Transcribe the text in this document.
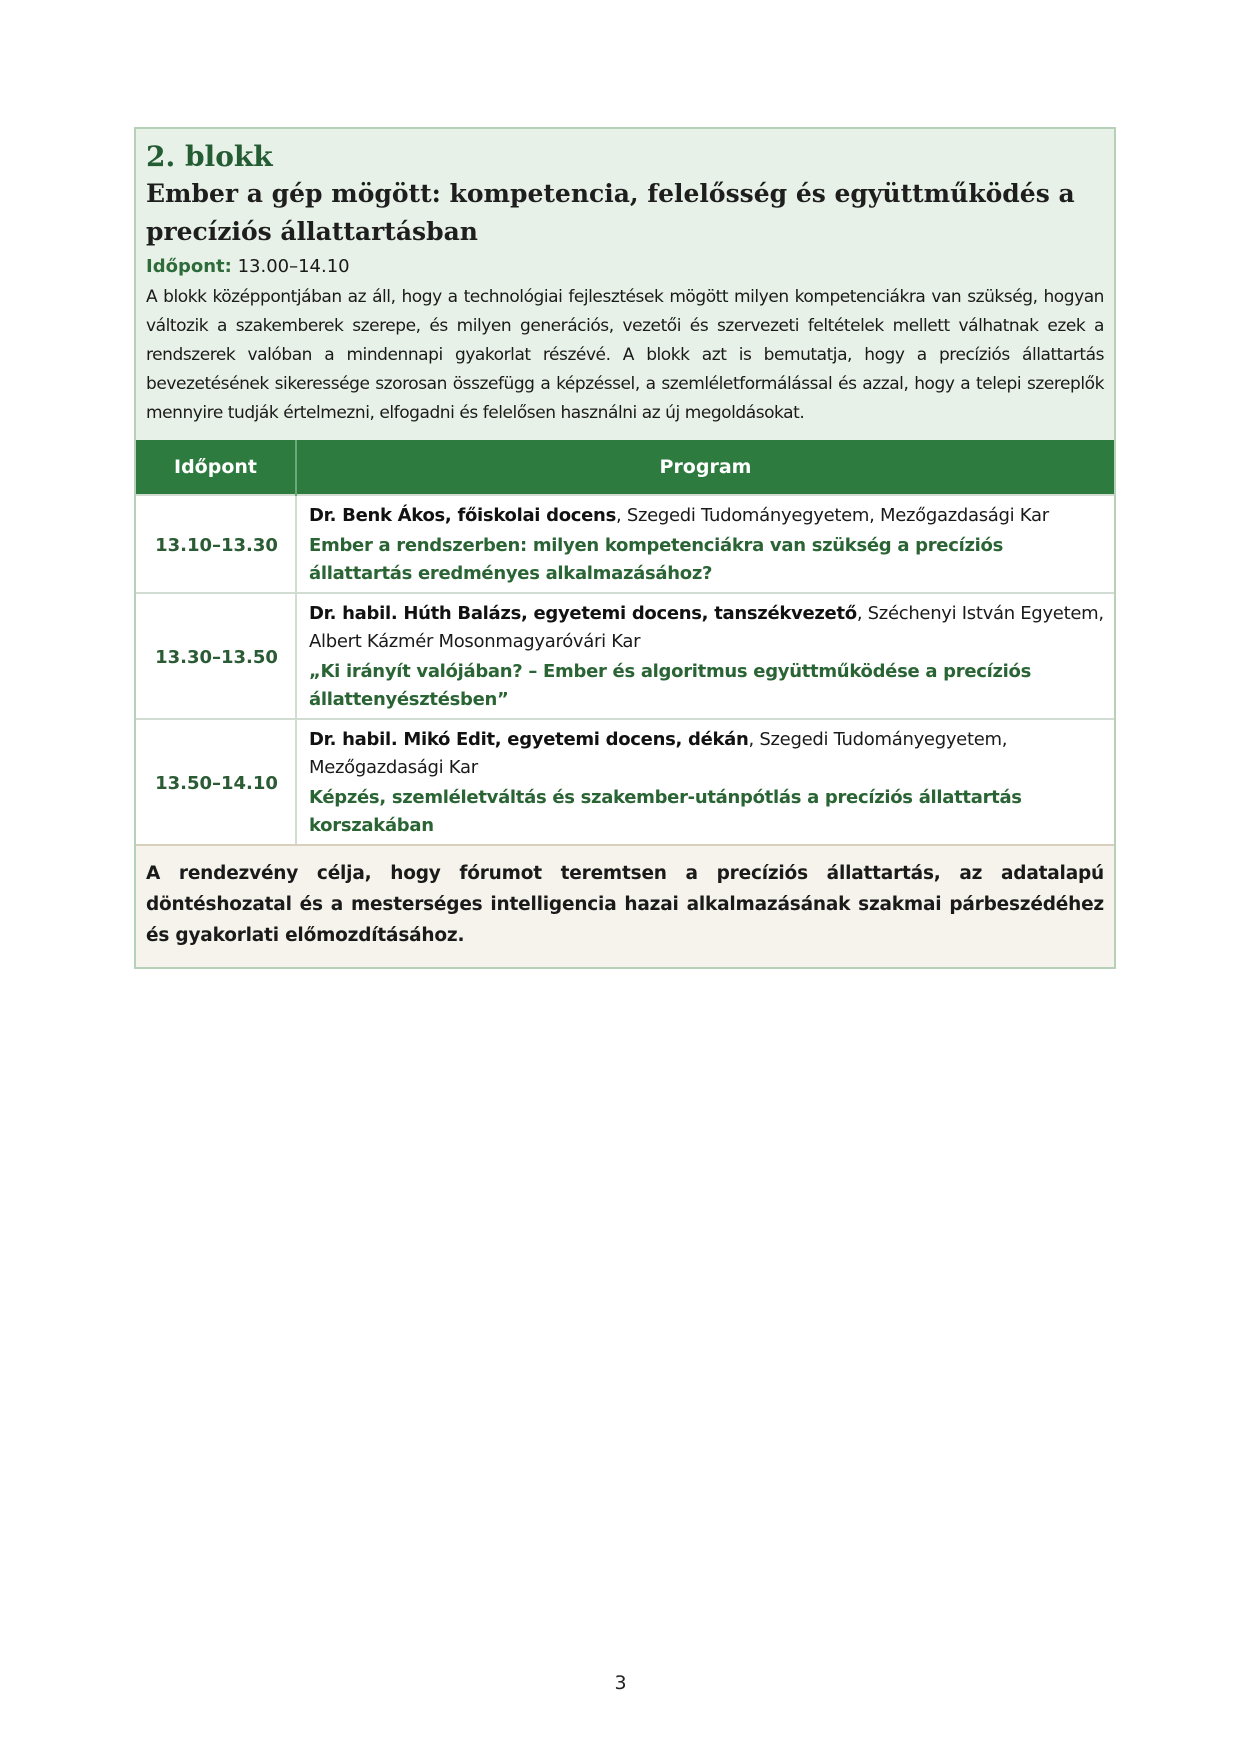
2. blokk
Ember a gép mögött: kompetencia, felelősség és együttműködés a precíziós állattartásban
Időpont: 13.00–14.10

A blokk középpontjában az áll, hogy a technológiai fejlesztések mögött milyen kompetenciákra van szükség, hogyan változik a szakemberek szerepe, és milyen generációs, vezetői és szervezeti feltételek mellett válhatnak ezek a rendszerek valóban a mindennapi gyakorlat részévé. A blokk azt is bemutatja, hogy a precíziós állattartás bevezetésének sikeressége szorosan összefügg a képzéssel, a szemléletformálással és azzal, hogy a telepi szereplők mennyire tudják értelmezni, elfogadni és felelősen használni az új megoldásokat.

Időpont	Program
13.10–13.30	Dr. Benk Ákos, főiskolai docens, Szegedi Tudományegyetem, Mezőgazdasági Kar
Ember a rendszerben: milyen kompetenciákra van szükség a precíziós állattartás eredményes alkalmazásához?

13.30–13.50	Dr. habil. Húth Balázs, egyetemi docens, tanszékvezető, Széchenyi István Egyetem, Albert Kázmér Mosonmagyaróvári Kar
„Ki irányít valójában? – Ember és algoritmus együttműködése a precíziós állattenyésztésben”

13.50–14.10	Dr. habil. Mikó Edit, egyetemi docens, dékán, Szegedi Tudományegyetem, Mezőgazdasági Kar
Képzés, szemléletváltás és szakember-utánpótlás a precíziós állattartás korszakában
A rendezvény célja, hogy fórumot teremtsen a precíziós állattartás, az adatalapú döntéshozatal és a mesterséges intelligencia hazai alkalmazásának szakmai párbeszédéhez és gyakorlati előmozdításához.
3
